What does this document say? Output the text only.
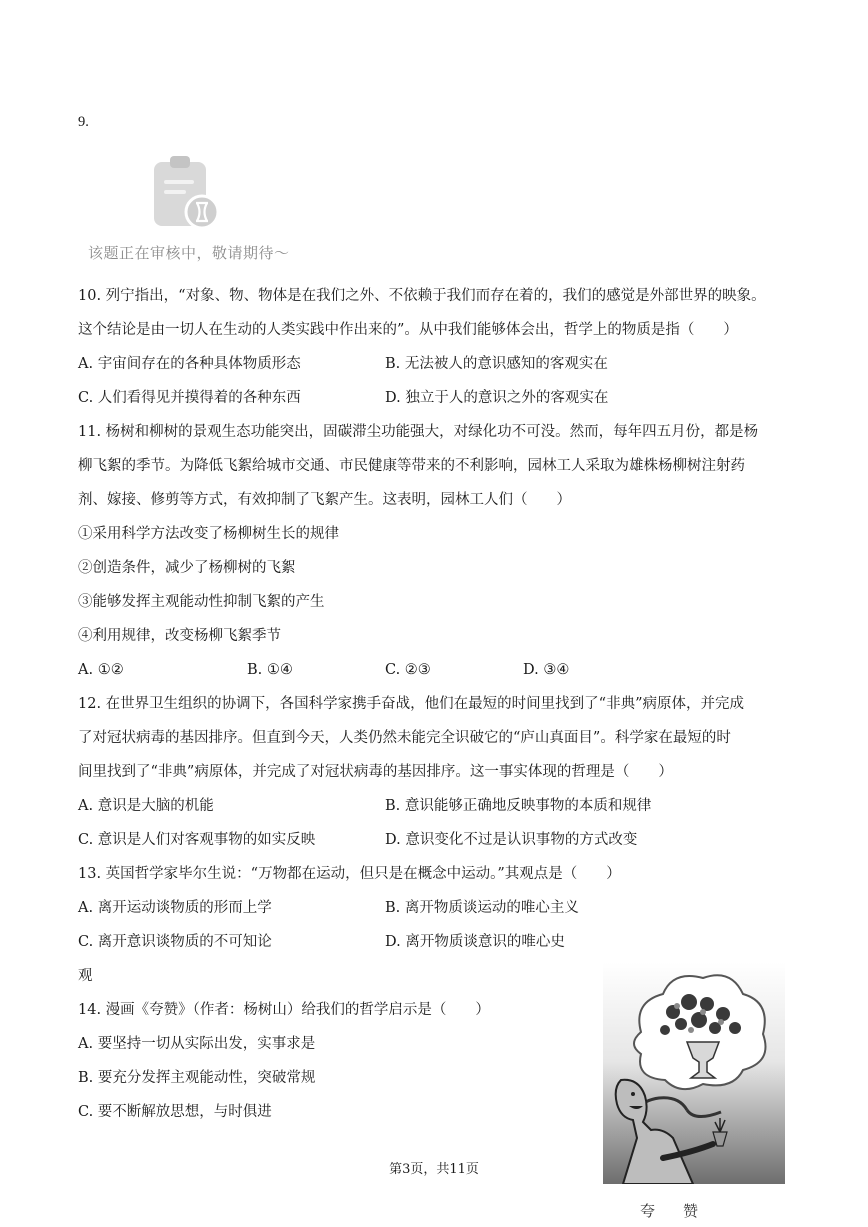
9.
该题正在审核中，敬请期待～
10. 列宁指出，“对象、物、物体是在我们之外、不依赖于我们而存在着的，我们的感觉是外部世界的映象。
这个结论是由一切人在生动的人类实践中作出来的”。从中我们能够体会出，哲学上的物质是指（　　）
A. 宇宙间存在的各种具体物质形态	B. 无法被人的意识感知的客观实在
C. 人们看得见并摸得着的各种东西	D. 独立于人的意识之外的客观实在
11. 杨树和柳树的景观生态功能突出，固碳滞尘功能强大，对绿化功不可没。然而，每年四五月份，都是杨
柳飞絮的季节。为降低飞絮给城市交通、市民健康等带来的不利影响，园林工人采取为雄株杨柳树注射药
剂、嫁接、修剪等方式，有效抑制了飞絮产生。这表明，园林工人们（　　）
①采用科学方法改变了杨柳树生长的规律
②创造条件，减少了杨柳树的飞絮
③能够发挥主观能动性抑制飞絮的产生
④利用规律，改变杨柳飞絮季节
A. ①②	B. ①④	C. ②③	D. ③④
12. 在世界卫生组织的协调下，各国科学家携手奋战，他们在最短的时间里找到了“非典”病原体，并完成
了对冠状病毒的基因排序。但直到今天，人类仍然未能完全识破它的“庐山真面目”。科学家在最短的时
间里找到了“非典”病原体，并完成了对冠状病毒的基因排序。这一事实体现的哲理是（　　）
A. 意识是大脑的机能	B. 意识能够正确地反映事物的本质和规律
C. 意识是人们对客观事物的如实反映	D. 意识变化不过是认识事物的方式改变
13. 英国哲学家毕尔生说：“万物都在运动，但只是在概念中运动。”其观点是（　　）
A. 离开运动谈物质的形而上学	B. 离开物质谈运动的唯心主义
C. 离开意识谈物质的不可知论	D. 离开物质谈意识的唯心史
观
14. 漫画《夸赞》（作者：杨树山）给我们的哲学启示是（　　）
A. 要坚持一切从实际出发，实事求是
B. 要充分发挥主观能动性，突破常规
C. 要不断解放思想，与时俱进
夸赞
第3页，共11页
